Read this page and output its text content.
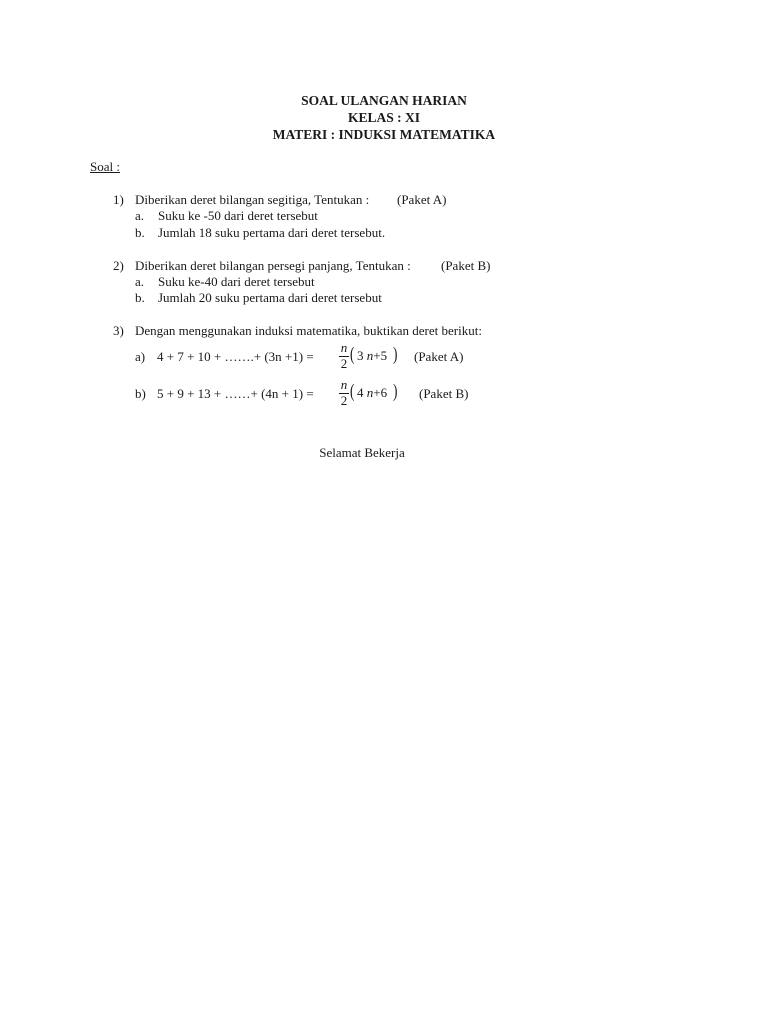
SOAL ULANGAN HARIAN
KELAS : XI
MATERI : INDUKSI MATEMATIKA
Soal :
1) Diberikan deret bilangan segitiga, Tentukan : (Paket A)
a. Suku ke -50 dari deret tersebut
b. Jumlah 18 suku pertama dari deret tersebut.
2) Diberikan deret bilangan persegi panjang, Tentukan : (Paket B)
a. Suku ke-40 dari deret tersebut
b. Jumlah 20 suku pertama dari deret tersebut
3) Dengan menggunakan induksi matematika, buktikan deret berikut:
a) 4 + 7 + 10 + …….+ (3n +1) =
n
2 ( 3 n+5 ) (Paket A)
b) 5 + 9 + 13 + ……+ (4n + 1) =
n
2 ( 4 n+6 ) (Paket B)
Selamat Bekerja
